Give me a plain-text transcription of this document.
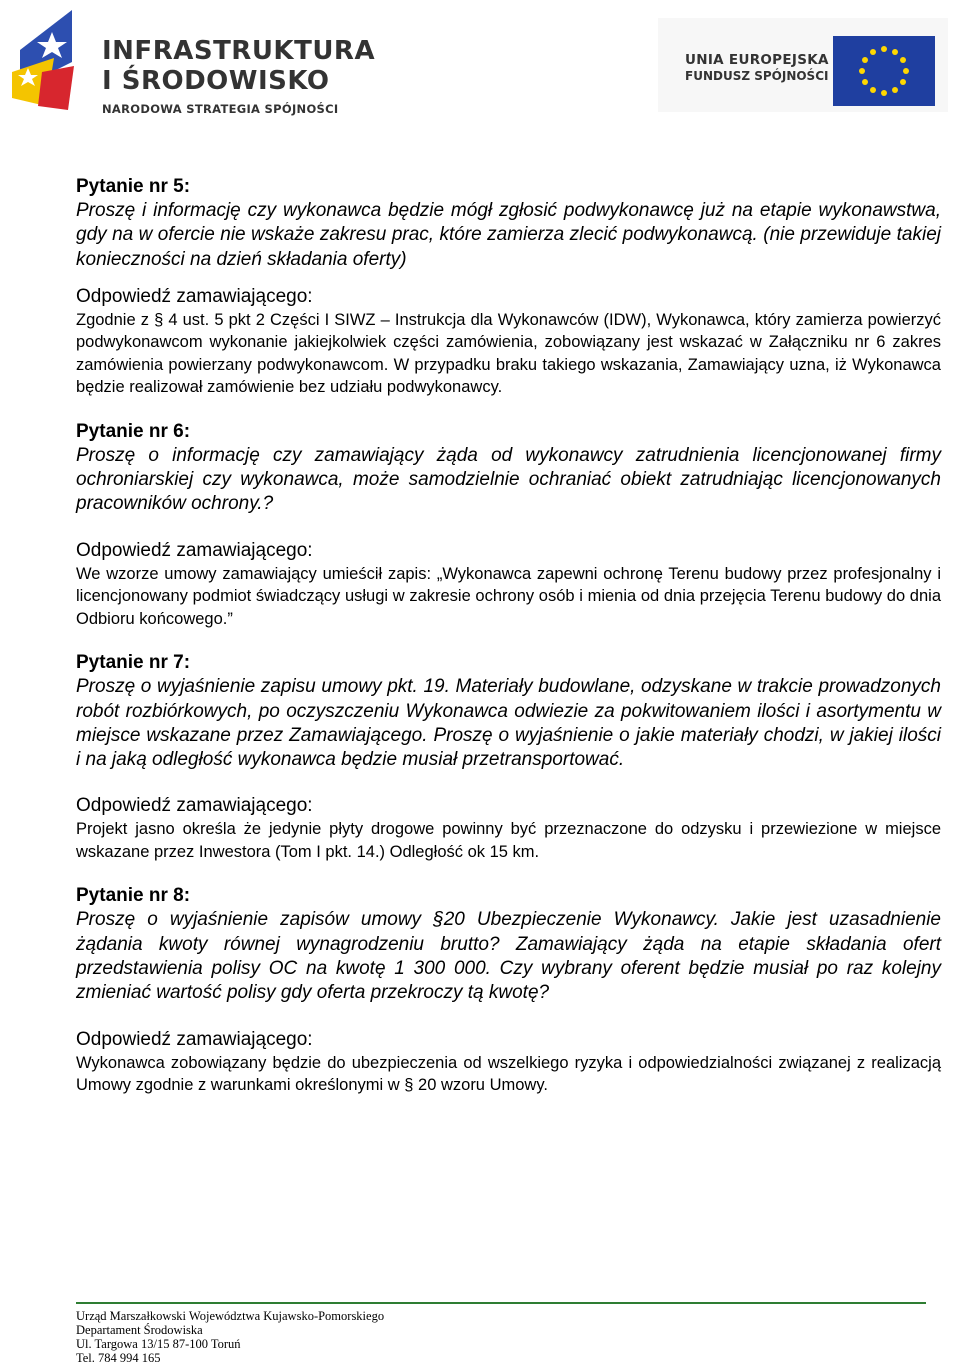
INFRASTRUKTURA
I ŚRODOWISKO
NARODOWA STRATEGIA SPÓJNOŚCI
UNIA EUROPEJSKA
FUNDUSZ SPÓJNOŚCI
Pytanie nr 5:
Proszę i informację czy wykonawca będzie mógł zgłosić podwykonawcę już na etapie wykonawstwa, gdy na w ofercie nie wskaże zakresu prac, które zamierza zlecić podwykonawcą. (nie przewiduje takiej konieczności na dzień składania oferty)
Odpowiedź zamawiającego:
Zgodnie z § 4 ust. 5 pkt 2 Części I SIWZ – Instrukcja dla Wykonawców (IDW), Wykonawca, który zamierza powierzyć podwykonawcom wykonanie jakiejkolwiek części zamówienia, zobowiązany jest wskazać w Załączniku nr 6 zakres zamówienia powierzany podwykonawcom. W przypadku braku takiego wskazania, Zamawiający uzna, iż Wykonawca będzie realizował zamówienie bez udziału podwykonawcy.
Pytanie nr 6:
Proszę o informację czy zamawiający żąda od wykonawcy zatrudnienia licencjonowanej firmy ochroniarskiej czy wykonawca, może samodzielnie ochraniać obiekt zatrudniając licencjonowanych pracowników ochrony.?
Odpowiedź zamawiającego:
We wzorze umowy zamawiający umieścił zapis: „Wykonawca zapewni ochronę Terenu budowy przez profesjonalny i licencjonowany podmiot świadczący usługi w zakresie ochrony osób i mienia od dnia przejęcia Terenu budowy do dnia Odbioru końcowego.”
Pytanie nr 7:
Proszę o wyjaśnienie zapisu umowy pkt. 19. Materiały budowlane, odzyskane w trakcie prowadzonych robót rozbiórkowych, po oczyszczeniu Wykonawca odwiezie za pokwitowaniem ilości i asortymentu w miejsce wskazane przez Zamawiającego. Proszę o wyjaśnienie o jakie materiały chodzi, w jakiej ilości i na jaką odległość wykonawca będzie musiał przetransportować.
Odpowiedź zamawiającego:
Projekt jasno określa że jedynie płyty drogowe powinny być przeznaczone do odzysku i przewiezione w miejsce wskazane przez Inwestora (Tom I pkt. 14.) Odległość ok 15 km.
Pytanie nr 8:
Proszę o wyjaśnienie zapisów umowy §20 Ubezpieczenie Wykonawcy. Jakie jest uzasadnienie żądania kwoty równej wynagrodzeniu brutto? Zamawiający żąda na etapie składania ofert przedstawienia polisy OC na kwotę 1 300 000. Czy wybrany oferent będzie musiał po raz kolejny zmieniać wartość polisy gdy oferta przekroczy tą kwotę?
Odpowiedź zamawiającego:
Wykonawca zobowiązany będzie do ubezpieczenia od wszelkiego ryzyka i odpowiedzialności związanej z realizacją Umowy zgodnie z warunkami określonymi w § 20 wzoru Umowy.
Urząd Marszałkowski Województwa Kujawsko-Pomorskiego
Departament Środowiska
Ul. Targowa 13/15 87-100 Toruń
Tel. 784 994 165
